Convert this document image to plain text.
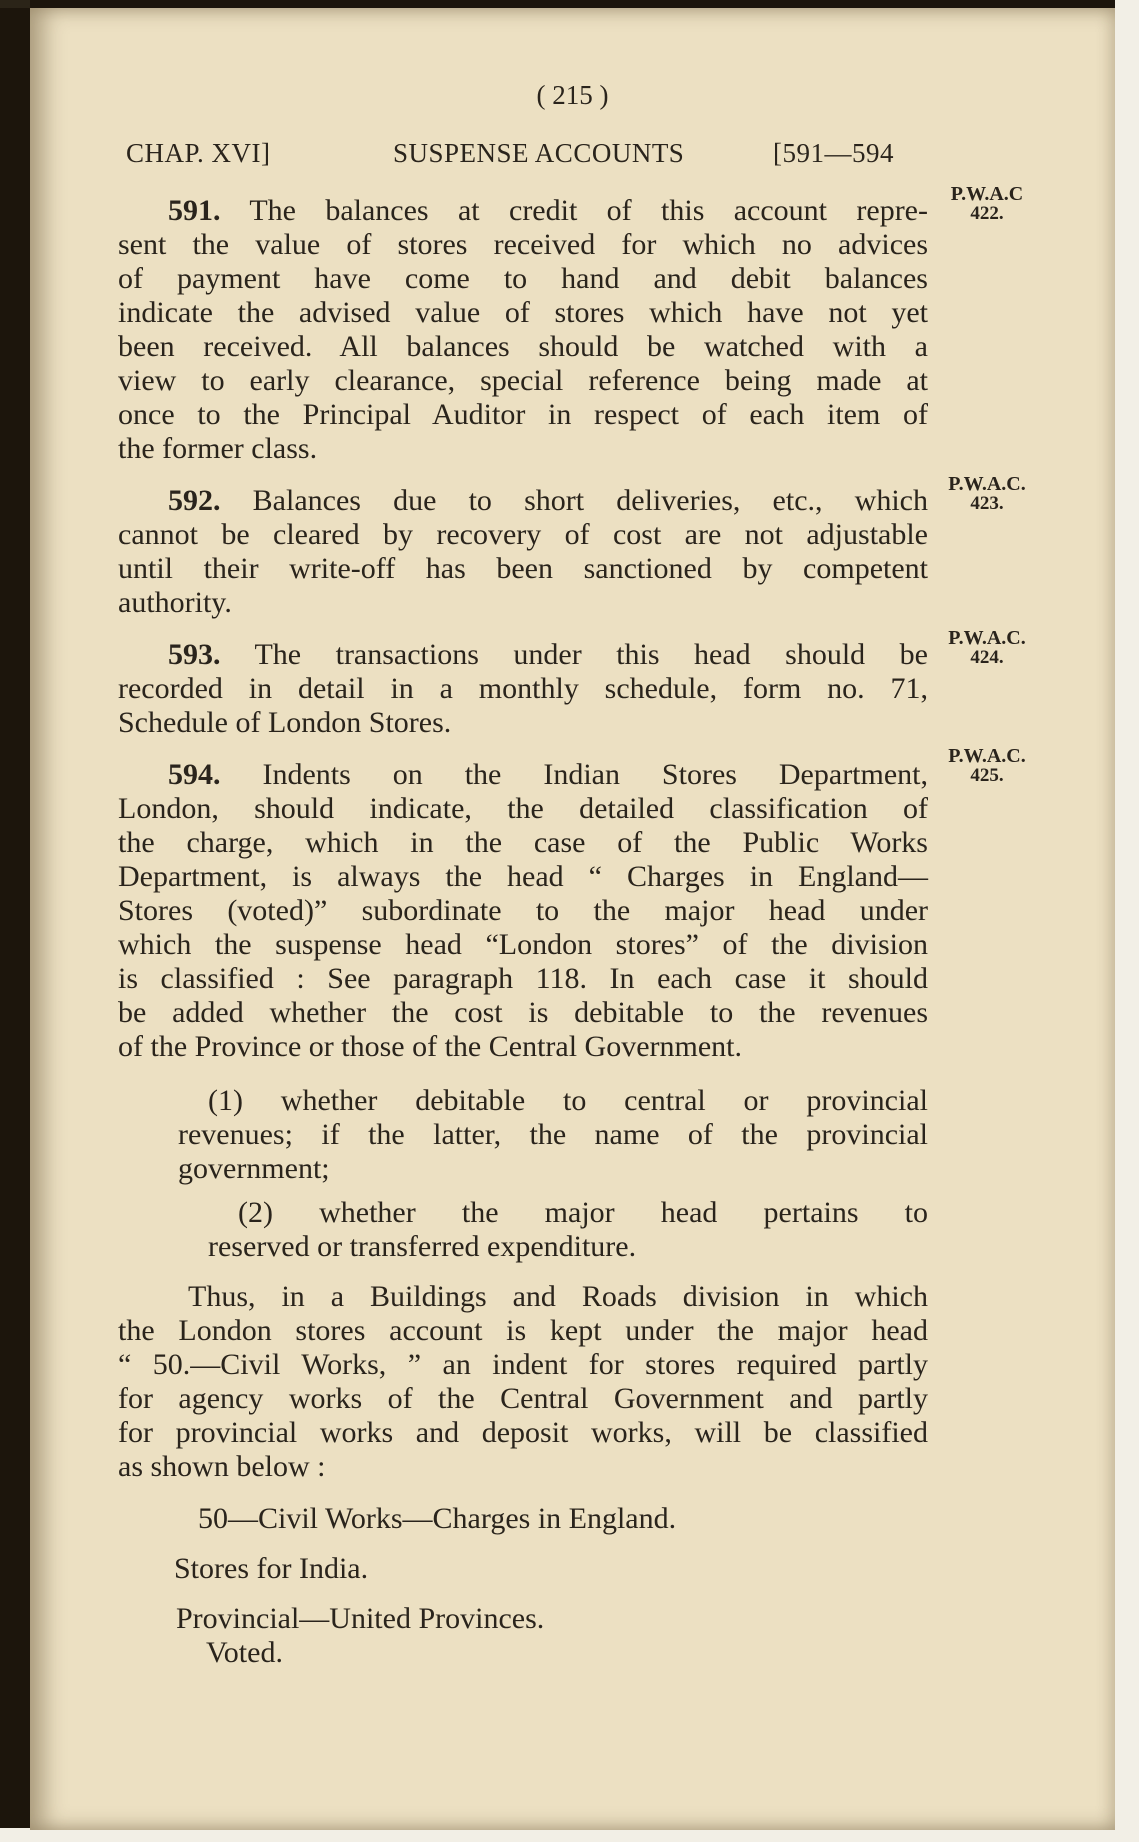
( 215 )
CHAP. XVI]	SUSPENSE ACCOUNTS	[591—594
P.W.A.C
422.
591. The balances at credit of this account repre-
sent the value of stores received for which no advices
of payment have come to hand and debit balances
indicate the advised value of stores which have not yet
been received. All balances should be watched with a
view to early clearance, special reference being made at
once to the Principal Auditor in respect of each item of
the former class.
P.W.A.C.
423.
592. Balances due to short deliveries, etc., which
cannot be cleared by recovery of cost are not adjustable
until their write-off has been sanctioned by competent
authority.
P.W.A.C.
424.
593. The transactions under this head should be
recorded in detail in a monthly schedule, form no. 71,
Schedule of London Stores.
P.W.A.C.
425.
594. Indents on the Indian Stores Department,
London, should indicate, the detailed classification of
the charge, which in the case of the Public Works
Department, is always the head “ Charges in England—
Stores (voted)” subordinate to the major head under
which the suspense head “London stores” of the division
is classified : See paragraph 118. In each case it should
be added whether the cost is debitable to the revenues
of the Province or those of the Central Government.
(1) whether debitable to central or provincial
revenues; if the latter, the name of the provincial
government;
(2) whether the major head pertains to
reserved or transferred expenditure.
Thus, in a Buildings and Roads division in which
the London stores account is kept under the major head
“ 50.—Civil Works, ” an indent for stores required partly
for agency works of the Central Government and partly
for provincial works and deposit works, will be classified
as shown below :
50—Civil Works—Charges in England.
Stores for India.
Provincial—United Provinces.
Voted.
